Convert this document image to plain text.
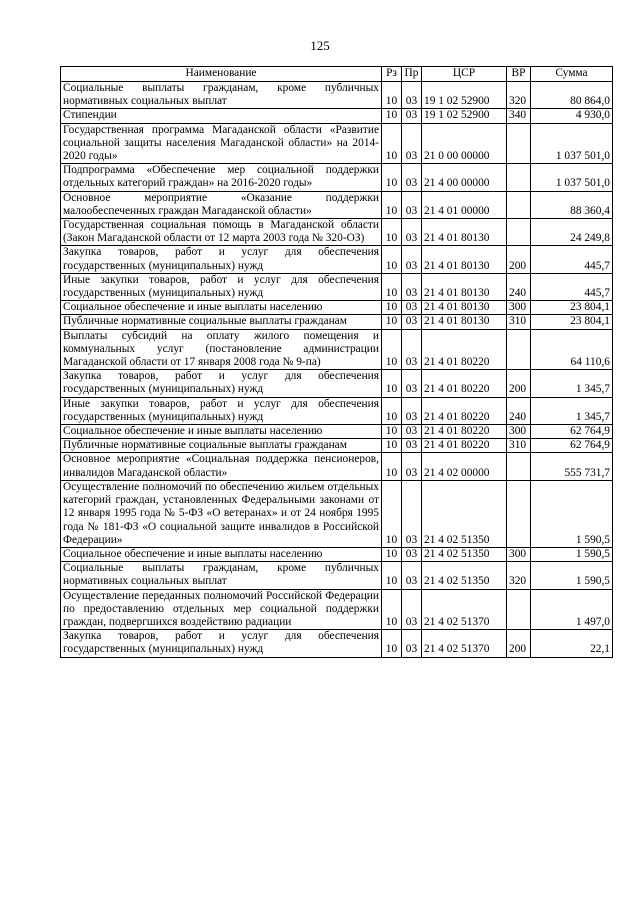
125
Наименование	Рз	Пр	ЦСР	ВР	Сумма
Социальные выплаты гражданам, кроме публичных нормативных социальных выплат	10	03	19 1 02 52900	320	80 864,0
Стипендии	10	03	19 1 02 52900	340	4 930,0
Государственная программа Магаданской области «Развитие социальной защиты населения Магаданской области» на 2014-2020 годы»	10	03	21 0 00 00000		1 037 501,0
Подпрограмма «Обеспечение мер социальной поддержки отдельных категорий граждан» на 2016-2020 годы»	10	03	21 4 00 00000		1 037 501,0
Основное мероприятие «Оказание поддержки малообеспеченных граждан Магаданской области»	10	03	21 4 01 00000		88 360,4
Государственная социальная помощь в Магаданской области (Закон Магаданской области от 12 марта 2003 года № 320-ОЗ)	10	03	21 4 01 80130		24 249,8
Закупка товаров, работ и услуг для обеспечения государственных (муниципальных) нужд	10	03	21 4 01 80130	200	445,7
Иные закупки товаров, работ и услуг для обеспечения государственных (муниципальных) нужд	10	03	21 4 01 80130	240	445,7
Социальное обеспечение и иные выплаты населению	10	03	21 4 01 80130	300	23 804,1
Публичные нормативные социальные выплаты гражданам	10	03	21 4 01 80130	310	23 804,1
Выплаты субсидий на оплату жилого помещения и коммунальных услуг (постановление администрации Магаданской области от 17 января 2008 года № 9-па)	10	03	21 4 01 80220		64 110,6
Закупка товаров, работ и услуг для обеспечения государственных (муниципальных) нужд	10	03	21 4 01 80220	200	1 345,7
Иные закупки товаров, работ и услуг для обеспечения государственных (муниципальных) нужд	10	03	21 4 01 80220	240	1 345,7
Социальное обеспечение и иные выплаты населению	10	03	21 4 01 80220	300	62 764,9
Публичные нормативные социальные выплаты гражданам	10	03	21 4 01 80220	310	62 764,9
Основное мероприятие «Социальная поддержка пенсионеров, инвалидов Магаданской области»	10	03	21 4 02 00000		555 731,7
Осуществление полномочий по обеспечению жильем отдельных категорий граждан, установленных Федеральными законами от 12 января 1995 года № 5-ФЗ «О ветеранах» и от 24 ноября 1995 года № 181-ФЗ «О социальной защите инвалидов в Российской Федерации»	10	03	21 4 02 51350		1 590,5
Социальное обеспечение и иные выплаты населению	10	03	21 4 02 51350	300	1 590,5
Социальные выплаты гражданам, кроме публичных нормативных социальных выплат	10	03	21 4 02 51350	320	1 590,5
Осуществление переданных полномочий Российской Федерации по предоставлению отдельных мер социальной поддержки граждан, подвергшихся воздействию радиации	10	03	21 4 02 51370		1 497,0
Закупка товаров, работ и услуг для обеспечения государственных (муниципальных) нужд	10	03	21 4 02 51370	200	22,1
